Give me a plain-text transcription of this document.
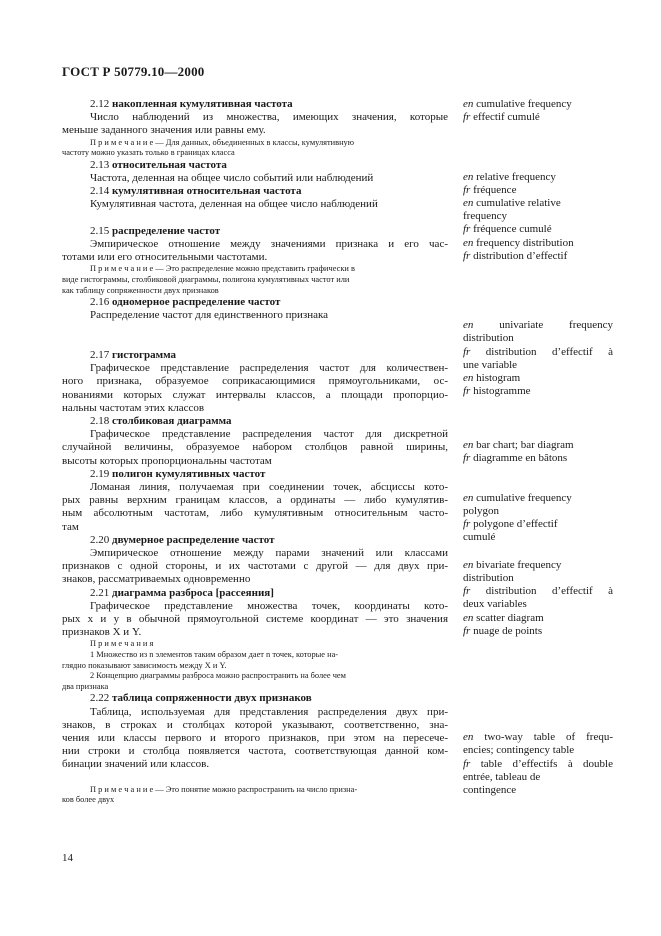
ГОСТ Р 50779.10—2000
2.12 накопленная кумулятивная частота
Число наблюдений из множества, имеющих значения, которые
меньше заданного значения или равны ему.
П р и м е ч а н и е — Для данных, объединенных в классы, кумулятивную
частоту можно указать только в границах класса
2.13 относительная частота
Частота, деленная на общее число событий или наблюдений
2.14 кумулятивная относительная частота
Кумулятивная частота, деленная на общее число наблюдений

2.15 распределение частот
Эмпирическое отношение между значениями признака и его час-
тотами или его относительными частотами.
П р и м е ч а н и е — Это распределение можно представить графически в
виде гистограммы, столбиковой диаграммы, полигона кумулятивных частот или
как таблицу сопряженности двух признаков
2.16 одномерное распределение частот
Распределение частот для единственного признака

2.17 гистограмма
Графическое представление распределения частот для количествен-
ного признака, образуемое соприкасающимися прямоугольниками, ос-
нованиями которых служат интервалы классов, а площади пропорцио-
нальны частотам этих классов
2.18 столбиковая диаграмма
Графическое представление распределения частот для дискретной
случайной величины, образуемое набором столбцов равной ширины,
высоты которых пропорциональны частотам
2.19 полигон кумулятивных частот
Ломаная линия, получаемая при соединении точек, абсциссы кото-
рых равны верхним границам классов, а ординаты — либо кумулятив-
ным абсолютным частотам, либо кумулятивным относительным часто-
там
2.20 двумерное распределение частот
Эмпирическое отношение между парами значений или классами
признаков с одной стороны, и их частотами с другой — для двух при-
знаков, рассматриваемых одновременно
2.21 диаграмма разброса [рассеяния]
Графическое представление множества точек, координаты кото-
рых x и y в обычной прямоугольной системе координат — это значения
признаков X и Y.
П р и м е ч а н и я
1 Множество из n элементов таким образом дает n точек, которые на-
глядно показывают зависимость между X и Y.
2 Концепцию диаграммы разброса можно распространить на более чем
два признака
2.22 таблица сопряженности двух признаков
Таблица, используемая для представления распределения двух при-
знаков, в строках и столбцах которой указывают, соответственно, зна-
чения или классы первого и второго признаков, при этом на пересече-
нии строки и столбца появляется частота, соответствующая данной ком-
бинации значений или классов.

П р и м е ч а н и е — Это понятие можно распространить на число призна-
ков более двух
en cumulative frequency
fr effectif cumulé
en relative frequency
fr fréquence
en cumulative relative
frequency
fr fréquence cumulé
en frequency distribution
fr distribution d’effectif
en univariate frequency
distribution
fr distribution d’effectif à
une variable
en histogram
fr histogramme
en bar chart; bar diagram
fr diagramme en bâtons
en cumulative frequency
polygon
fr polygone d’effectif
cumulé
en bivariate frequency
distribution
fr distribution d’effectif à
deux variables
en scatter diagram
fr nuage de points
en two-way table of frequ-
encies; contingency table
fr table d’effectifs à double
entrée, tableau de
contingence
14
